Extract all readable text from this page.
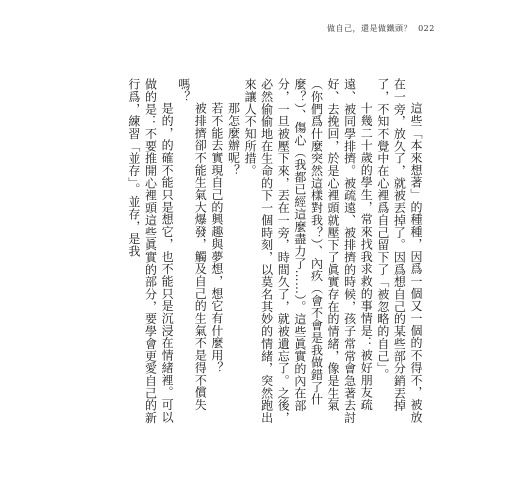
做自己，還是做鐵頭？ 022

這些「本來想著」的種種，因爲一個又一個的不得不，被放在一旁，放久了，就被丟掉了。因爲想自己的某些部分銷丟掉了，不知不覺中在心裡爲自己留下了「被忽略的自己」。

十幾二十歲的學生，常來找我求救的事情是：被好朋友疏遠、被同學排擠。被疏遠、被排擠的時候，孩子常常會急著去討好、去挽回，於是心裡頭就壓下了眞實存在的情緒，像是生氣（你們爲什麼突然這樣對我？）、內疚（會不會是我做錯了什麼？）、傷心（我都已經這麼盡力了……）。這些眞實的內在部分，一旦被壓下來，丟在一旁，時間久了，就被遺忘了。之後，必然偷偷地在生命的下一個時刻，以莫名其妙的情緒，突然跑出來讓人不知所措。

那怎麼辦呢？

若不能去實現自己的興趣與夢想，想它有什麼用？

被排擠卻不能生氣大爆發，觸及自己的生氣不是得不償失嗎？

是的，的確不能只是想它，也不能只是沉浸在情緒裡。可以做的是：不要推開心裡頭這些眞實的部分，要學會更愛自己的新行爲，練習「並存」。並存，是我
